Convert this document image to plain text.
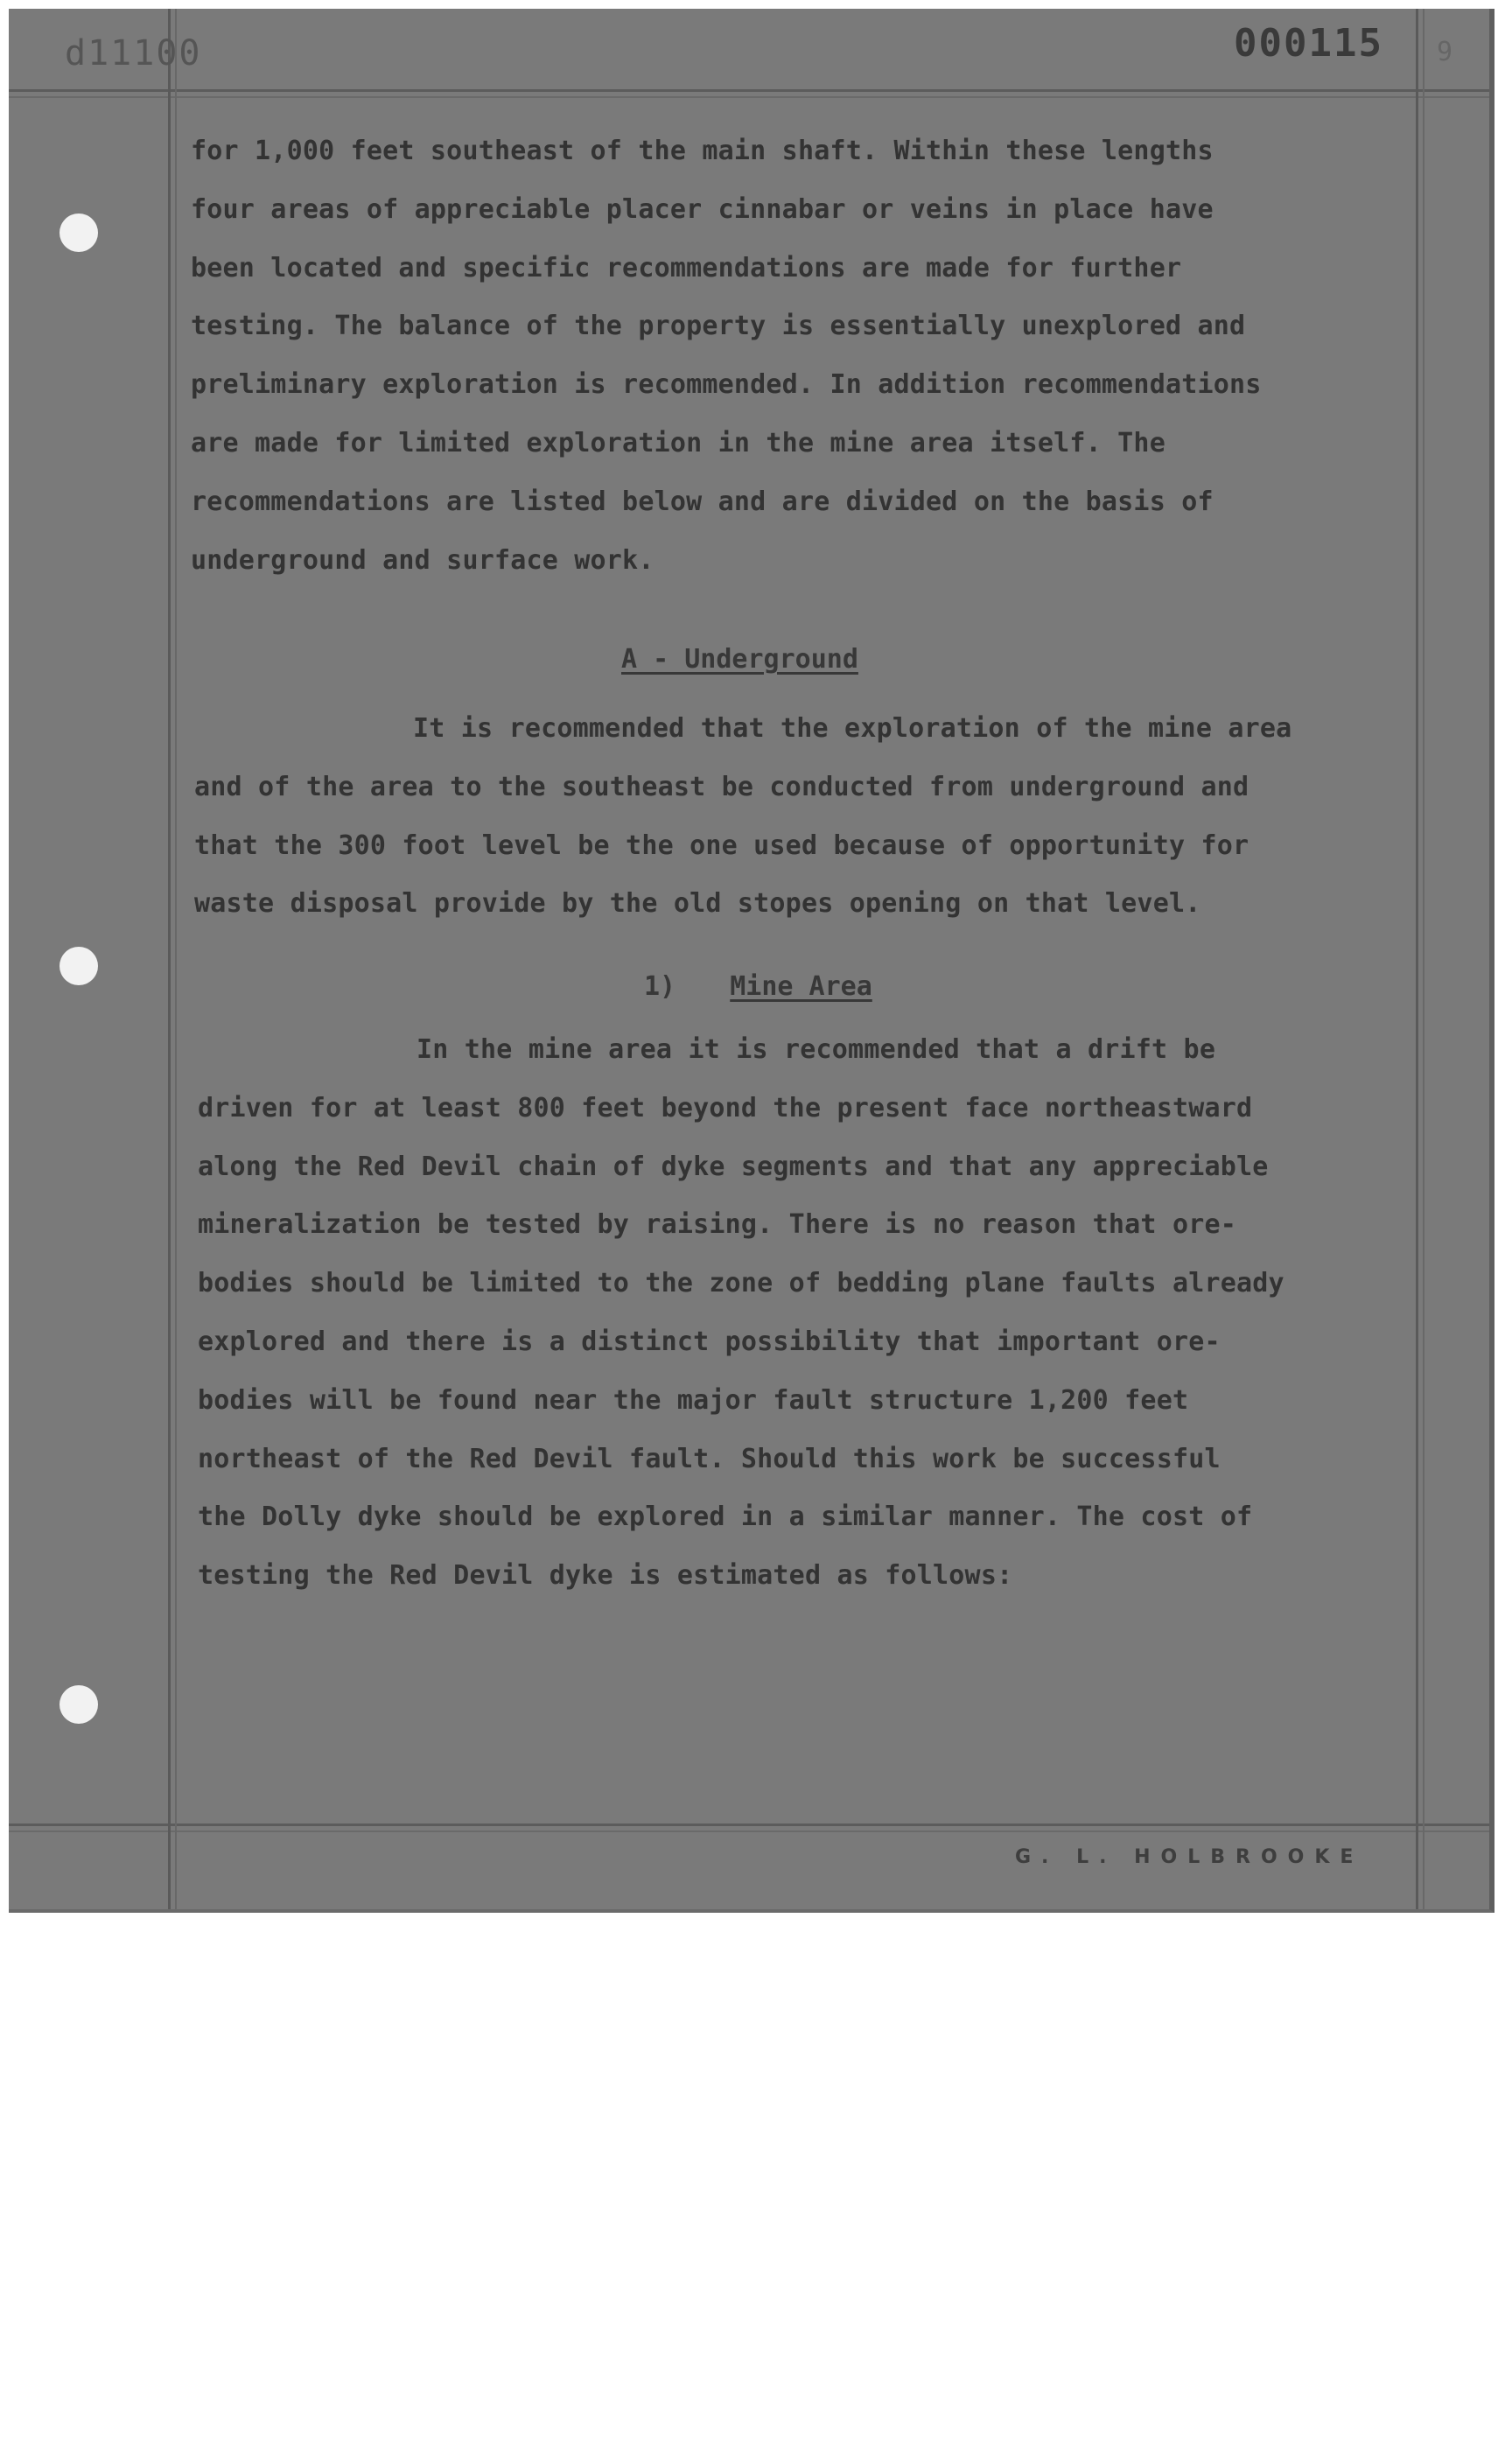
d11100	000115 9
for 1,000 feet southeast of the main shaft. Within these lengths
four areas of appreciable placer cinnabar or veins in place have
been located and specific recommendations are made for further
testing. The balance of the property is essentially unexplored and
preliminary exploration is recommended. In addition recommendations
are made for limited exploration in the mine area itself. The
recommendations are listed below and are divided on the basis of
underground and surface work.
A - Underground
It is recommended that the exploration of the mine area
and of the area to the southeast be conducted from underground and
that the 300 foot level be the one used because of opportunity for
waste disposal provide by the old stopes opening on that level.
1) Mine Area
In the mine area it is recommended that a drift be
driven for at least 800 feet beyond the present face northeastward
along the Red Devil chain of dyke segments and that any appreciable
mineralization be tested by raising. There is no reason that ore-
bodies should be limited to the zone of bedding plane faults already
explored and there is a distinct possibility that important ore-
bodies will be found near the major fault structure 1,200 feet
northeast of the Red Devil fault. Should this work be successful
the Dolly dyke should be explored in a similar manner. The cost of
testing the Red Devil dyke is estimated as follows:
G. L. HOLBROOKE
